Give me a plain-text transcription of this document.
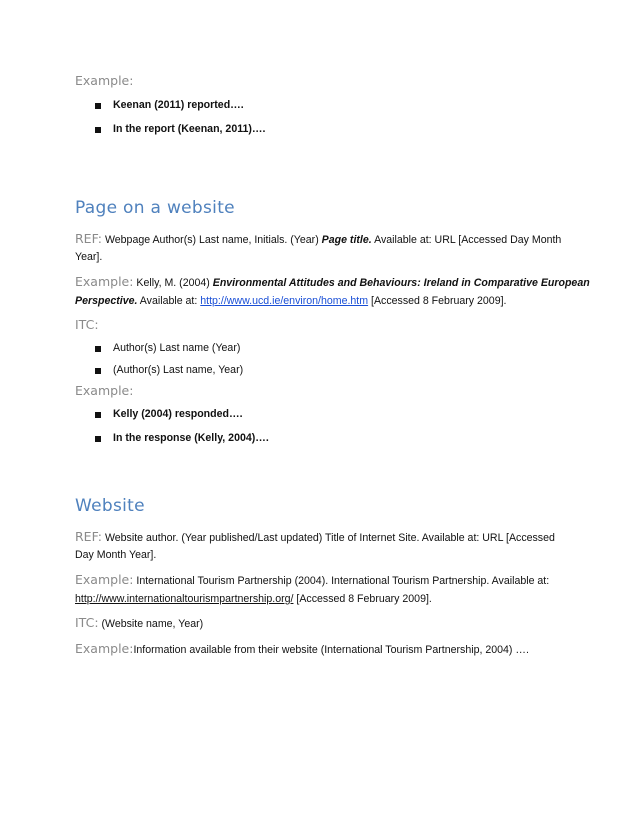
Example:
Keenan (2011) reported….
In the report (Keenan, 2011)….
Page on a website
REF: Webpage Author(s) Last name, Initials. (Year) Page title. Available at: URL [Accessed Day Month
Year].
Example: Kelly, M. (2004) Environmental Attitudes and Behaviours: Ireland in Comparative European
Perspective. Available at: http://www.ucd.ie/environ/home.htm [Accessed 8 February 2009].
ITC:
Author(s) Last name (Year)
(Author(s) Last name, Year)
Example:
Kelly (2004) responded….
In the response (Kelly, 2004)….
Website
REF: Website author. (Year published/Last updated) Title of Internet Site. Available at: URL [Accessed
Day Month Year].
Example: International Tourism Partnership (2004). International Tourism Partnership. Available at:
http://www.internationaltourismpartnership.org/ [Accessed 8 February 2009].
ITC: (Website name, Year)
Example:Information available from their website (International Tourism Partnership, 2004) ….
